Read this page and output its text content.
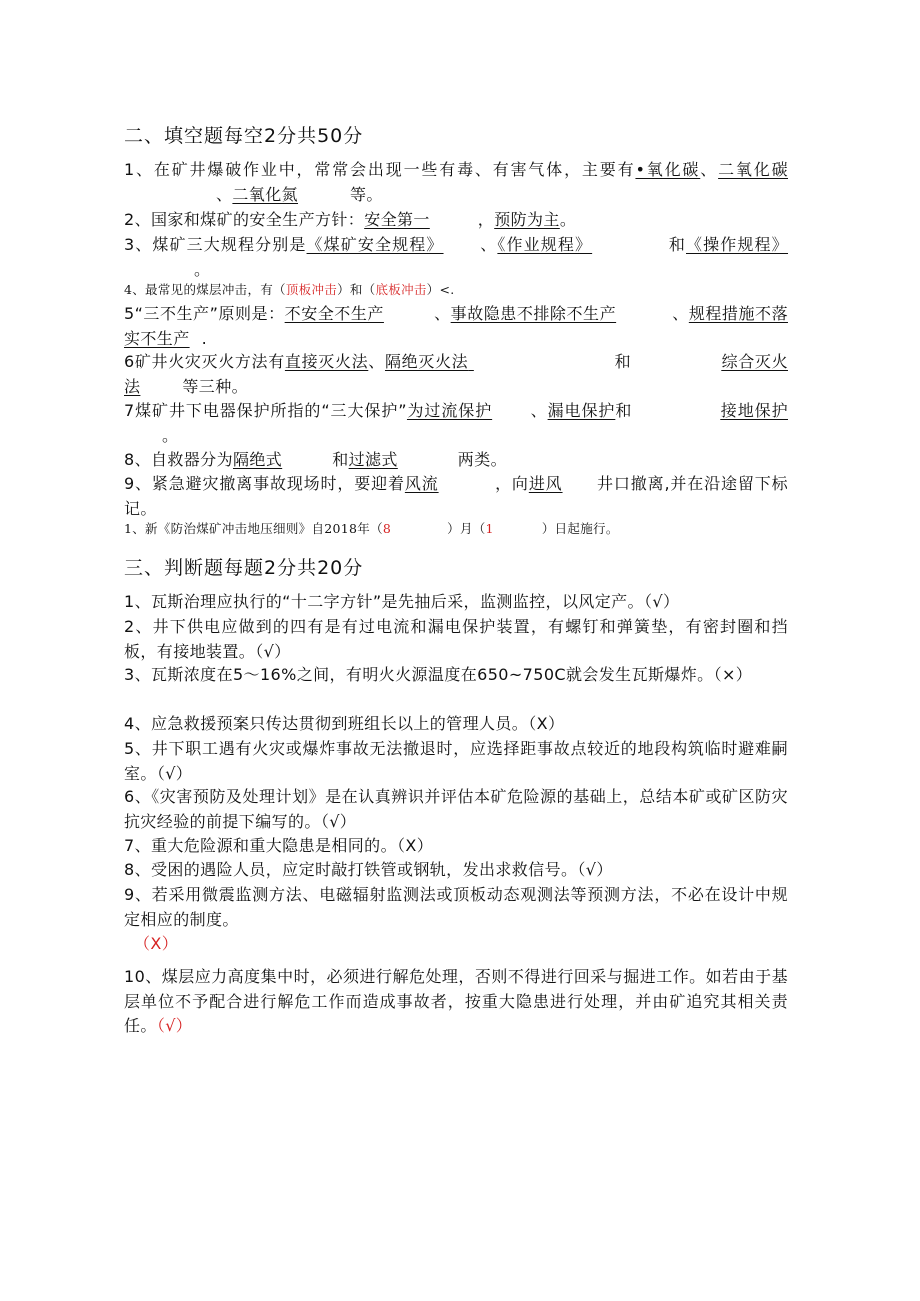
二、填空题每空2分共50分
1、在矿井爆破作业中，常常会出现一些有毒、有害气体，主要有•氧化碳、二氧化碳、二氧化氮	等。
2、国家和煤矿的安全生产方针：安全第一	，预防为主。
3、煤矿三大规程分别是《煤矿安全规程》 、《作业规程》	和《操作规程》。
4、最常见的煤层冲击，有（顶板冲击）和（底板冲击）<.
5“三不生产”原则是：不安全不生产	、事故隐患不排除不生产	、规程措施不落实不生产 .
6矿井火灾灭火方法有直接灭火法、隔绝灭火法	和	综合灭火法	等三种。
7煤矿井下电器保护所指的“三大保护”为过流保护 、漏电保护和	接地保护。
8、自救器分为隔绝式	和过滤式	两类。
9、紧急避灾撤离事故现场时，要迎着风流	，向进风 井口撤离,并在沿途留下标记。
1、新《防治煤矿冲击地压细则》自2018年（8	）月（1	）日起施行。
三、判断题每题2分共20分
1、瓦斯治理应执行的“十二字方针”是先抽后采，监测监控，以风定产。（√）
2、井下供电应做到的四有是有过电流和漏电保护装置，有螺钉和弹簧垫，有密封圈和挡板，有接地装置。（√）
3、瓦斯浓度在5～16%之间，有明火火源温度在650~750C就会发生瓦斯爆炸。（×）
4、应急救援预案只传达贯彻到班组长以上的管理人员。（X）
5、井下职工遇有火灾或爆炸事故无法撤退时，应选择距事故点较近的地段构筑临时避难嗣室。（√）
6、《灾害预防及处理计划》是在认真辨识并评估本矿危险源的基础上，总结本矿或矿区防灾抗灾经验的前提下编写的。（√）
7、重大危险源和重大隐患是相同的。（X）
8、受困的遇险人员，应定时敲打铁管或钢轨，发出求救信号。（√）
9、若采用微震监测方法、电磁辐射监测法或顶板动态观测法等预测方法，不必在设计中规定相应的制度。
（X）
10、煤层应力高度集中时，必须进行解危处理，否则不得进行回采与掘进工作。如若由于基层单位不予配合进行解危工作而造成事故者，按重大隐患进行处理，并由矿追究其相关责任。（√）
